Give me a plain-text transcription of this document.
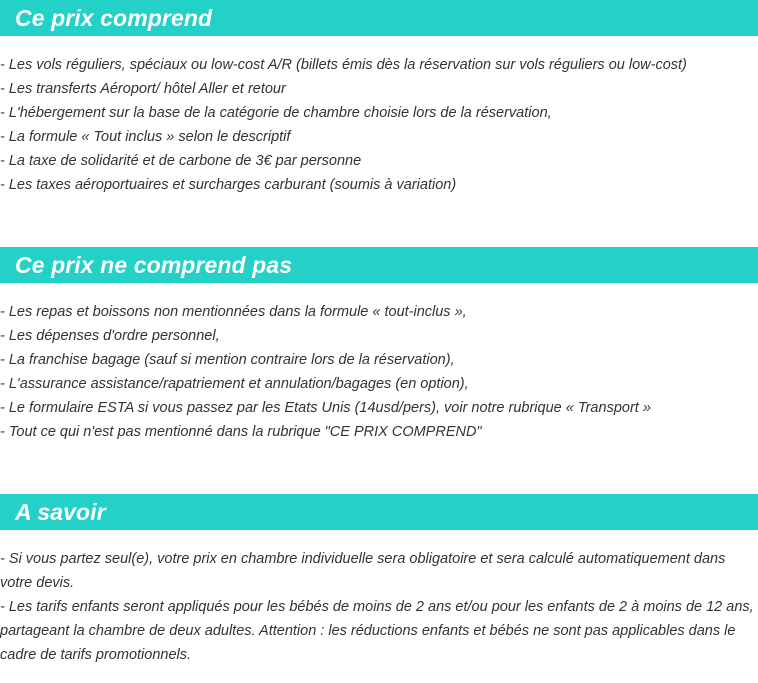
Ce prix comprend
- Les vols réguliers, spéciaux ou low-cost A/R (billets émis dès la réservation sur vols réguliers ou low-cost)
- Les transferts Aéroport/ hôtel Aller et retour
- L'hébergement sur la base de la catégorie de chambre choisie lors de la réservation,
- La formule « Tout inclus » selon le descriptif
- La taxe de solidarité et de carbone de 3€ par personne
- Les taxes aéroportuaires et surcharges carburant (soumis à variation)
Ce prix ne comprend pas
- Les repas et boissons non mentionnées dans la formule « tout-inclus »,
- Les dépenses d'ordre personnel,
- La franchise bagage (sauf si mention contraire lors de la réservation),
- L'assurance assistance/rapatriement et annulation/bagages (en option),
- Le formulaire ESTA si vous passez par les Etats Unis (14usd/pers), voir notre rubrique « Transport »
- Tout ce qui n'est pas mentionné dans la rubrique "CE PRIX COMPREND"
A savoir

- Si vous partez seul(e), votre prix en chambre individuelle sera obligatoire et sera calculé automatiquement dans votre devis.

- Les tarifs enfants seront appliqués pour les bébés de moins de 2 ans et/ou pour les enfants de 2 à moins de 12 ans, partageant la chambre de deux adultes. Attention : les réductions enfants et bébés ne sont pas applicables dans le cadre de tarifs promotionnels.
